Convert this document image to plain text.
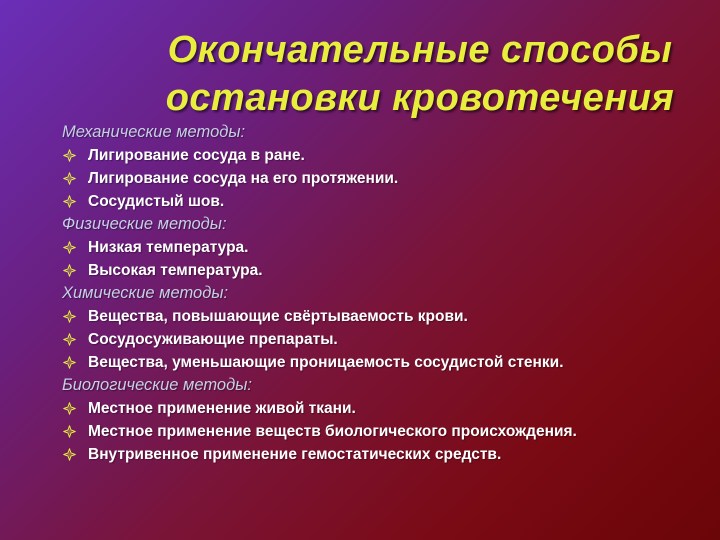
Окончательные способы остановки кровотечения
Механические методы:
Лигирование сосуда в ране.
Лигирование сосуда на его протяжении.
Сосудистый шов.
Физические методы:
Низкая температура.
Высокая температура.
Химические методы:
Вещества, повышающие свёртываемость крови.
Сосудосуживающие препараты.
Вещества, уменьшающие проницаемость сосудистой стенки.
Биологические методы:
Местное применение живой ткани.
Местное применение веществ биологического происхождения.
Внутривенное применение гемостатических средств.
